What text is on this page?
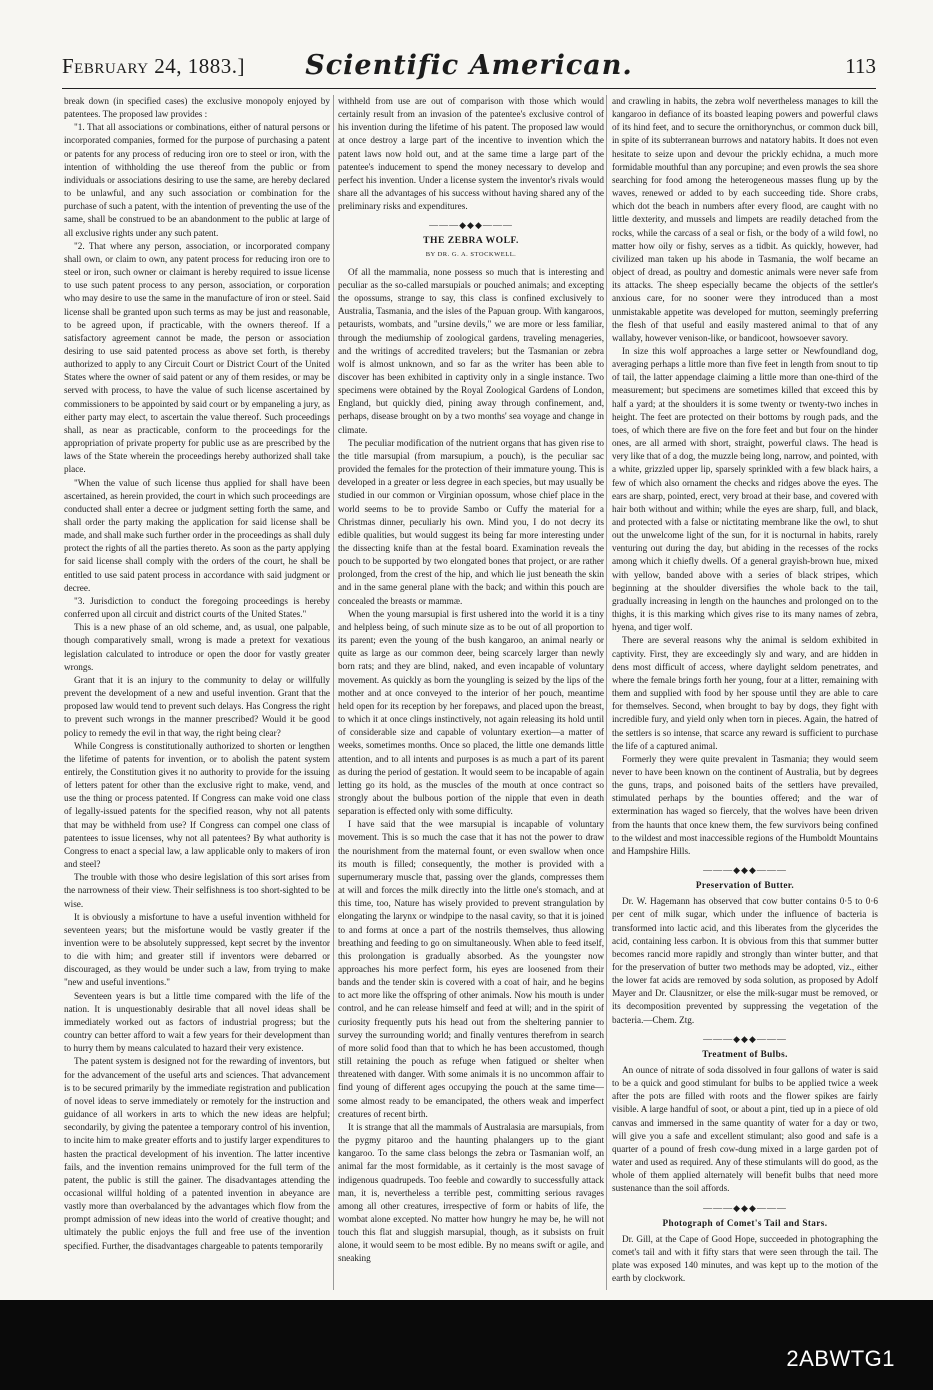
February 24, 1883.]	Scientific American.	113

break down (in specified cases) the exclusive monopoly enjoyed by patentees. The proposed law provides :

"1. That all associations or combinations, either of natural persons or incorporated companies, formed for the purpose of purchasing a patent or patents for any process of reducing iron ore to steel or iron, with the intention of withholding the use thereof from the public or from individuals or associations desiring to use the same, are hereby declared to be unlawful, and any such association or combination for the purchase of such a patent, with the intention of preventing the use of the same, shall be construed to be an abandonment to the public at large of all exclusive rights under any such patent.

"2. That where any person, association, or incorporated company shall own, or claim to own, any patent process for reducing iron ore to steel or iron, such owner or claimant is hereby required to issue license to use such patent process to any person, association, or corporation who may desire to use the same in the manufacture of iron or steel. Said license shall be granted upon such terms as may be just and reasonable, to be agreed upon, if practicable, with the owners thereof. If a satisfactory agreement cannot be made, the person or association desiring to use said patented process as above set forth, is thereby authorized to apply to any Circuit Court or District Court of the United States where the owner of said patent or any of them resides, or may be served with process, to have the value of such license ascertained by commissioners to be appointed by said court or by empaneling a jury, as either party may elect, to ascertain the value thereof. Such proceedings shall, as near as practicable, conform to the proceedings for the appropriation of private property for public use as are prescribed by the laws of the State wherein the proceedings hereby authorized shall take place.

"When the value of such license thus applied for shall have been ascertained, as herein provided, the court in which such proceedings are conducted shall enter a decree or judgment setting forth the same, and shall order the party making the application for said license shall be made, and shall make such further order in the proceedings as shall duly protect the rights of all the parties thereto. As soon as the party applying for said license shall comply with the orders of the court, he shall be entitled to use said patent process in accordance with said judgment or decree.

"3. Jurisdiction to conduct the foregoing proceedings is hereby conferred upon all circuit and district courts of the United States."

This is a new phase of an old scheme, and, as usual, one palpable, though comparatively small, wrong is made a pretext for vexatious legislation calculated to introduce or open the door for vastly greater wrongs.

Grant that it is an injury to the community to delay or willfully prevent the development of a new and useful invention. Grant that the proposed law would tend to prevent such delays. Has Congress the right to prevent such wrongs in the manner prescribed? Would it be good policy to remedy the evil in that way, the right being clear?

While Congress is constitutionally authorized to shorten or lengthen the lifetime of patents for invention, or to abolish the patent system entirely, the Constitution gives it no authority to provide for the issuing of letters patent for other than the exclusive right to make, vend, and use the thing or process patented. If Congress can make void one class of legally-issued patents for the specified reason, why not all patents that may be withheld from use? If Congress can compel one class of patentees to issue licenses, why not all patentees? By what authority is Congress to enact a special law, a law applicable only to makers of iron and steel?

The trouble with those who desire legislation of this sort arises from the narrowness of their view. Their selfishness is too short-sighted to be wise.

It is obviously a misfortune to have a useful invention withheld for seventeen years; but the misfortune would be vastly greater if the invention were to be absolutely suppressed, kept secret by the inventor to die with him; and greater still if inventors were debarred or discouraged, as they would be under such a law, from trying to make "new and useful inventions."

Seventeen years is but a little time compared with the life of the nation. It is unquestionably desirable that all novel ideas shall be immediately worked out as factors of industrial progress; but the country can better afford to wait a few years for their development than to hurry them by means calculated to hazard their very existence.

The patent system is designed not for the rewarding of inventors, but for the advancement of the useful arts and sciences. That advancement is to be secured primarily by the immediate registration and publication of novel ideas to serve immediately or remotely for the instruction and guidance of all workers in arts to which the new ideas are helpful; secondarily, by giving the patentee a temporary control of his invention, to incite him to make greater efforts and to justify larger expenditures to hasten the practical development of his invention. The latter incentive fails, and the invention remains unimproved for the full term of the patent, the public is still the gainer. The disadvantages attending the occasional willful holding of a patented invention in abeyance are vastly more than overbalanced by the advantages which flow from the prompt admission of new ideas into the world of creative thought; and ultimately the public enjoys the full and free use of the invention specified. Further, the disadvantages chargeable to patents temporarily

withheld from use are out of comparison with those which would certainly result from an invasion of the patentee's exclusive control of his invention during the lifetime of his patent. The proposed law would at once destroy a large part of the incentive to invention which the patent laws now hold out, and at the same time a large part of the patentee's inducement to spend the money necessary to develop and perfect his invention. Under a license system the inventor's rivals would share all the advantages of his success without having shared any of the preliminary risks and expenditures.

———◆◆◆———
THE ZEBRA WOLF.
BY DR. G. A. STOCKWELL.

Of all the mammalia, none possess so much that is interesting and peculiar as the so-called marsupials or pouched animals; and excepting the opossums, strange to say, this class is confined exclusively to Australia, Tasmania, and the isles of the Papuan group. With kangaroos, petaurists, wombats, and "ursine devils," we are more or less familiar, through the mediumship of zoological gardens, traveling menageries, and the writings of accredited travelers; but the Tasmanian or zebra wolf is almost unknown, and so far as the writer has been able to discover has been exhibited in captivity only in a single instance. Two specimens were obtained by the Royal Zoological Gardens of London, England, but quickly died, pining away through confinement, and, perhaps, disease brought on by a two months' sea voyage and change in climate.

The peculiar modification of the nutrient organs that has given rise to the title marsupial (from marsupium, a pouch), is the peculiar sac provided the females for the protection of their immature young. This is developed in a greater or less degree in each species, but may usually be studied in our common or Virginian opossum, whose chief place in the world seems to be to provide Sambo or Cuffy the material for a Christmas dinner, peculiarly his own. Mind you, I do not decry its edible qualities, but would suggest its being far more interesting under the dissecting knife than at the festal board. Examination reveals the pouch to be supported by two elongated bones that project, or are rather prolonged, from the crest of the hip, and which lie just beneath the skin and in the same general plane with the back; and within this pouch are concealed the breasts or mammæ.

When the young marsupial is first ushered into the world it is a tiny and helpless being, of such minute size as to be out of all proportion to its parent; even the young of the bush kangaroo, an animal nearly or quite as large as our common deer, being scarcely larger than newly born rats; and they are blind, naked, and even incapable of voluntary movement. As quickly as born the youngling is seized by the lips of the mother and at once conveyed to the interior of her pouch, meantime held open for its reception by her forepaws, and placed upon the breast, to which it at once clings instinctively, not again releasing its hold until of considerable size and capable of voluntary exertion—a matter of weeks, sometimes months. Once so placed, the little one demands little attention, and to all intents and purposes is as much a part of its parent as during the period of gestation. It would seem to be incapable of again letting go its hold, as the muscles of the mouth at once contract so strongly about the bulbous portion of the nipple that even in death separation is effected only with some difficulty.

I have said that the wee marsupial is incapable of voluntary movement. This is so much the case that it has not the power to draw the nourishment from the maternal fount, or even swallow when once its mouth is filled; consequently, the mother is provided with a supernumerary muscle that, passing over the glands, compresses them at will and forces the milk directly into the little one's stomach, and at this time, too, Nature has wisely provided to prevent strangulation by elongating the larynx or windpipe to the nasal cavity, so that it is joined to and forms at once a part of the nostrils themselves, thus allowing breathing and feeding to go on simultaneously. When able to feed itself, this prolongation is gradually absorbed. As the youngster now approaches his more perfect form, his eyes are loosened from their bands and the tender skin is covered with a coat of hair, and he begins to act more like the offspring of other animals. Now his mouth is under control, and he can release himself and feed at will; and in the spirit of curiosity frequently puts his head out from the sheltering pannier to survey the surrounding world; and finally ventures therefrom in search of more solid food than that to which he has been accustomed, though still retaining the pouch as refuge when fatigued or shelter when threatened with danger. With some animals it is no uncommon affair to find young of different ages occupying the pouch at the same time—some almost ready to be emancipated, the others weak and imperfect creatures of recent birth.

It is strange that all the mammals of Australasia are marsupials, from the pygmy pitaroo and the haunting phalangers up to the giant kangaroo. To the same class belongs the zebra or Tasmanian wolf, an animal far the most formidable, as it certainly is the most savage of indigenous quadrupeds. Too feeble and cowardly to successfully attack man, it is, nevertheless a terrible pest, committing serious ravages among all other creatures, irrespective of form or habits of life, the wombat alone excepted. No matter how hungry he may be, he will not touch this flat and sluggish marsupial, though, as it subsists on fruit alone, it would seem to be most edible. By no means swift or agile, and sneaking

and crawling in habits, the zebra wolf nevertheless manages to kill the kangaroo in defiance of its boasted leaping powers and powerful claws of its hind feet, and to secure the ornithorynchus, or common duck bill, in spite of its subterranean burrows and natatory habits. It does not even hesitate to seize upon and devour the prickly echidna, a much more formidable mouthful than any porcupine; and even prowls the sea shore searching for food among the heterogeneous masses flung up by the waves, renewed or added to by each succeeding tide. Shore crabs, which dot the beach in numbers after every flood, are caught with no little dexterity, and mussels and limpets are readily detached from the rocks, while the carcass of a seal or fish, or the body of a wild fowl, no matter how oily or fishy, serves as a tidbit. As quickly, however, had civilized man taken up his abode in Tasmania, the wolf became an object of dread, as poultry and domestic animals were never safe from its attacks. The sheep especially became the objects of the settler's anxious care, for no sooner were they introduced than a most unmistakable appetite was developed for mutton, seemingly preferring the flesh of that useful and easily mastered animal to that of any wallaby, however venison-like, or bandicoot, howsoever savory.

In size this wolf approaches a large setter or Newfoundland dog, averaging perhaps a little more than five feet in length from snout to tip of tail, the latter appendage claiming a little more than one-third of the measurement; but specimens are sometimes killed that exceed this by half a yard; at the shoulders it is some twenty or twenty-two inches in height. The feet are protected on their bottoms by rough pads, and the toes, of which there are five on the fore feet and but four on the hinder ones, are all armed with short, straight, powerful claws. The head is very like that of a dog, the muzzle being long, narrow, and pointed, with a white, grizzled upper lip, sparsely sprinkled with a few black hairs, a few of which also ornament the checks and ridges above the eyes. The ears are sharp, pointed, erect, very broad at their base, and covered with hair both without and within; while the eyes are sharp, full, and black, and protected with a false or nictitating membrane like the owl, to shut out the unwelcome light of the sun, for it is nocturnal in habits, rarely venturing out during the day, but abiding in the recesses of the rocks among which it chiefly dwells. Of a general grayish-brown hue, mixed with yellow, banded above with a series of black stripes, which beginning at the shoulder diversifies the whole back to the tail, gradually increasing in length on the haunches and prolonged on to the thighs, it is this marking which gives rise to its many names of zebra, hyena, and tiger wolf.

There are several reasons why the animal is seldom exhibited in captivity. First, they are exceedingly sly and wary, and are hidden in dens most difficult of access, where daylight seldom penetrates, and where the female brings forth her young, four at a litter, remaining with them and supplied with food by her spouse until they are able to care for themselves. Second, when brought to bay by dogs, they fight with incredible fury, and yield only when torn in pieces. Again, the hatred of the settlers is so intense, that scarce any reward is sufficient to purchase the life of a captured animal.

Formerly they were quite prevalent in Tasmania; they would seem never to have been known on the continent of Australia, but by degrees the guns, traps, and poisoned baits of the settlers have prevailed, stimulated perhaps by the bounties offered; and the war of extermination has waged so fiercely, that the wolves have been driven from the haunts that once knew them, the few survivors being confined to the wildest and most inaccessible regions of the Humboldt Mountains and Hampshire Hills.

———◆◆◆———
Preservation of Butter.

Dr. W. Hagemann has observed that cow butter contains 0·5 to 0·6 per cent of milk sugar, which under the influence of bacteria is transformed into lactic acid, and this liberates from the glycerides the acid, containing less carbon. It is obvious from this that summer butter becomes rancid more rapidly and strongly than winter butter, and that for the preservation of butter two methods may be adopted, viz., either the lower fat acids are removed by soda solution, as proposed by Adolf Mayer and Dr. Clausnitzer, or else the milk-sugar must be removed, or its decomposition prevented by suppressing the vegetation of the bacteria.—Chem. Ztg.

———◆◆◆———
Treatment of Bulbs.

An ounce of nitrate of soda dissolved in four gallons of water is said to be a quick and good stimulant for bulbs to be applied twice a week after the pots are filled with roots and the flower spikes are fairly visible. A large handful of soot, or about a pint, tied up in a piece of old canvas and immersed in the same quantity of water for a day or two, will give you a safe and excellent stimulant; also good and safe is a quarter of a pound of fresh cow-dung mixed in a large garden pot of water and used as required. Any of these stimulants will do good, as the whole of them applied alternately will benefit bulbs that need more sustenance than the soil affords.

———◆◆◆———
Photograph of Comet's Tail and Stars.

Dr. Gill, at the Cape of Good Hope, succeeded in photographing the comet's tail and with it fifty stars that were seen through the tail. The plate was exposed 140 minutes, and was kept up to the motion of the earth by clockwork.

2ABWTG1
